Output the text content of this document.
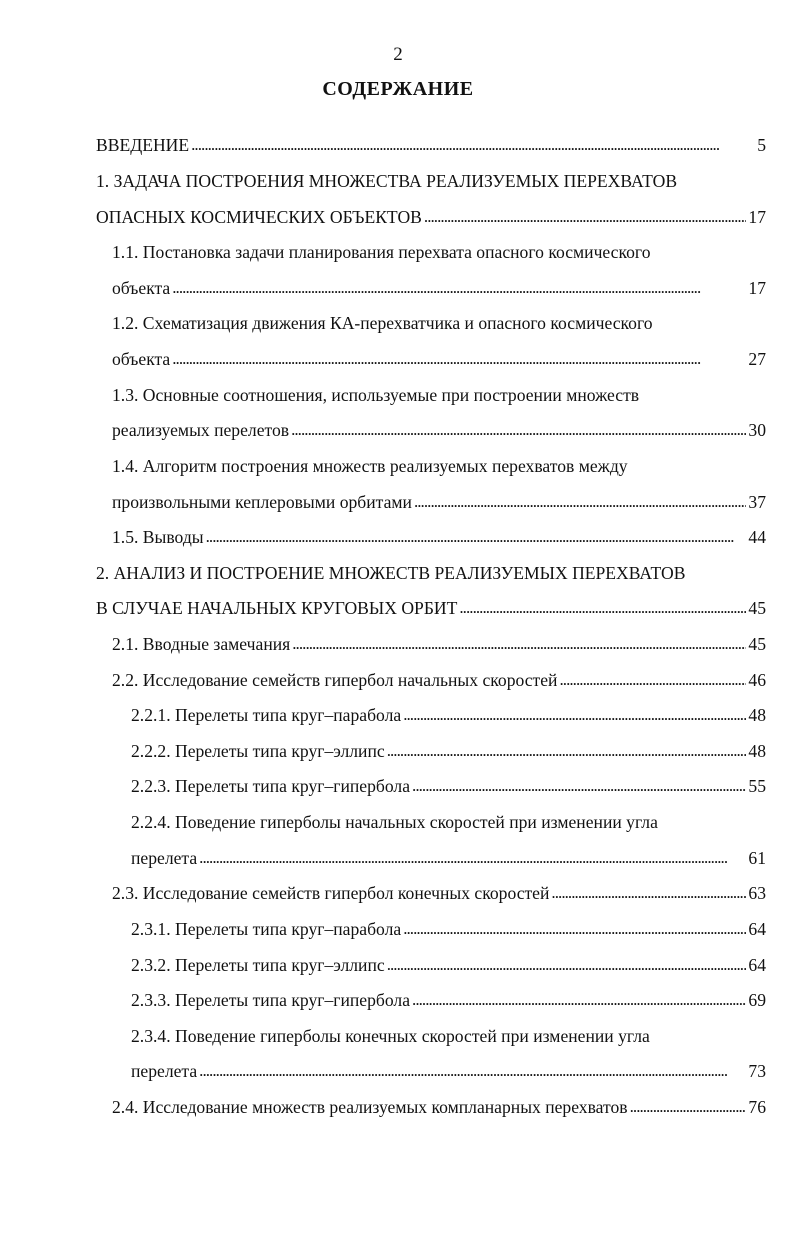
2
СОДЕРЖАНИЕ
ВВЕДЕНИЕ . . .	5
1. ЗАДАЧА ПОСТРОЕНИЯ МНОЖЕСТВА РЕАЛИЗУЕМЫХ ПЕРЕХВАТОВ
ОПАСНЫХ КОСМИЧЕСКИХ ОБЪЕКТОВ . . .	17
1.1. Постановка задачи планирования перехвата опасного космического
объекта . . .	17
1.2. Схематизация движения КА-перехватчика и опасного космического
объекта . . .	27
1.3. Основные соотношения, используемые при построении множеств
реализуемых перелетов . . .	30
1.4. Алгоритм построения множеств реализуемых перехватов между
произвольными кеплеровыми орбитами . . .	37
1.5. Выводы . . .	44
2. АНАЛИЗ И ПОСТРОЕНИЕ МНОЖЕСТВ РЕАЛИЗУЕМЫХ ПЕРЕХВАТОВ
В СЛУЧАЕ НАЧАЛЬНЫХ КРУГОВЫХ ОРБИТ . . .	45
2.1. Вводные замечания . . .	45
2.2. Исследование семейств гипербол начальных скоростей . . .	46
2.2.1. Перелеты типа круг–парабола . . .	48
2.2.2. Перелеты типа круг–эллипс . . .	48
2.2.3. Перелеты типа круг–гипербола . . .	55
2.2.4. Поведение гиперболы начальных скоростей при изменении угла
перелета . . .	61
2.3. Исследование семейств гипербол конечных скоростей . . .	63
2.3.1. Перелеты типа круг–парабола . . .	64
2.3.2. Перелеты типа круг–эллипс . . .	64
2.3.3. Перелеты типа круг–гипербола . . .	69
2.3.4. Поведение гиперболы конечных скоростей при изменении угла
перелета . . .	73
2.4. Исследование множеств реализуемых компланарных перехватов . . .	76
